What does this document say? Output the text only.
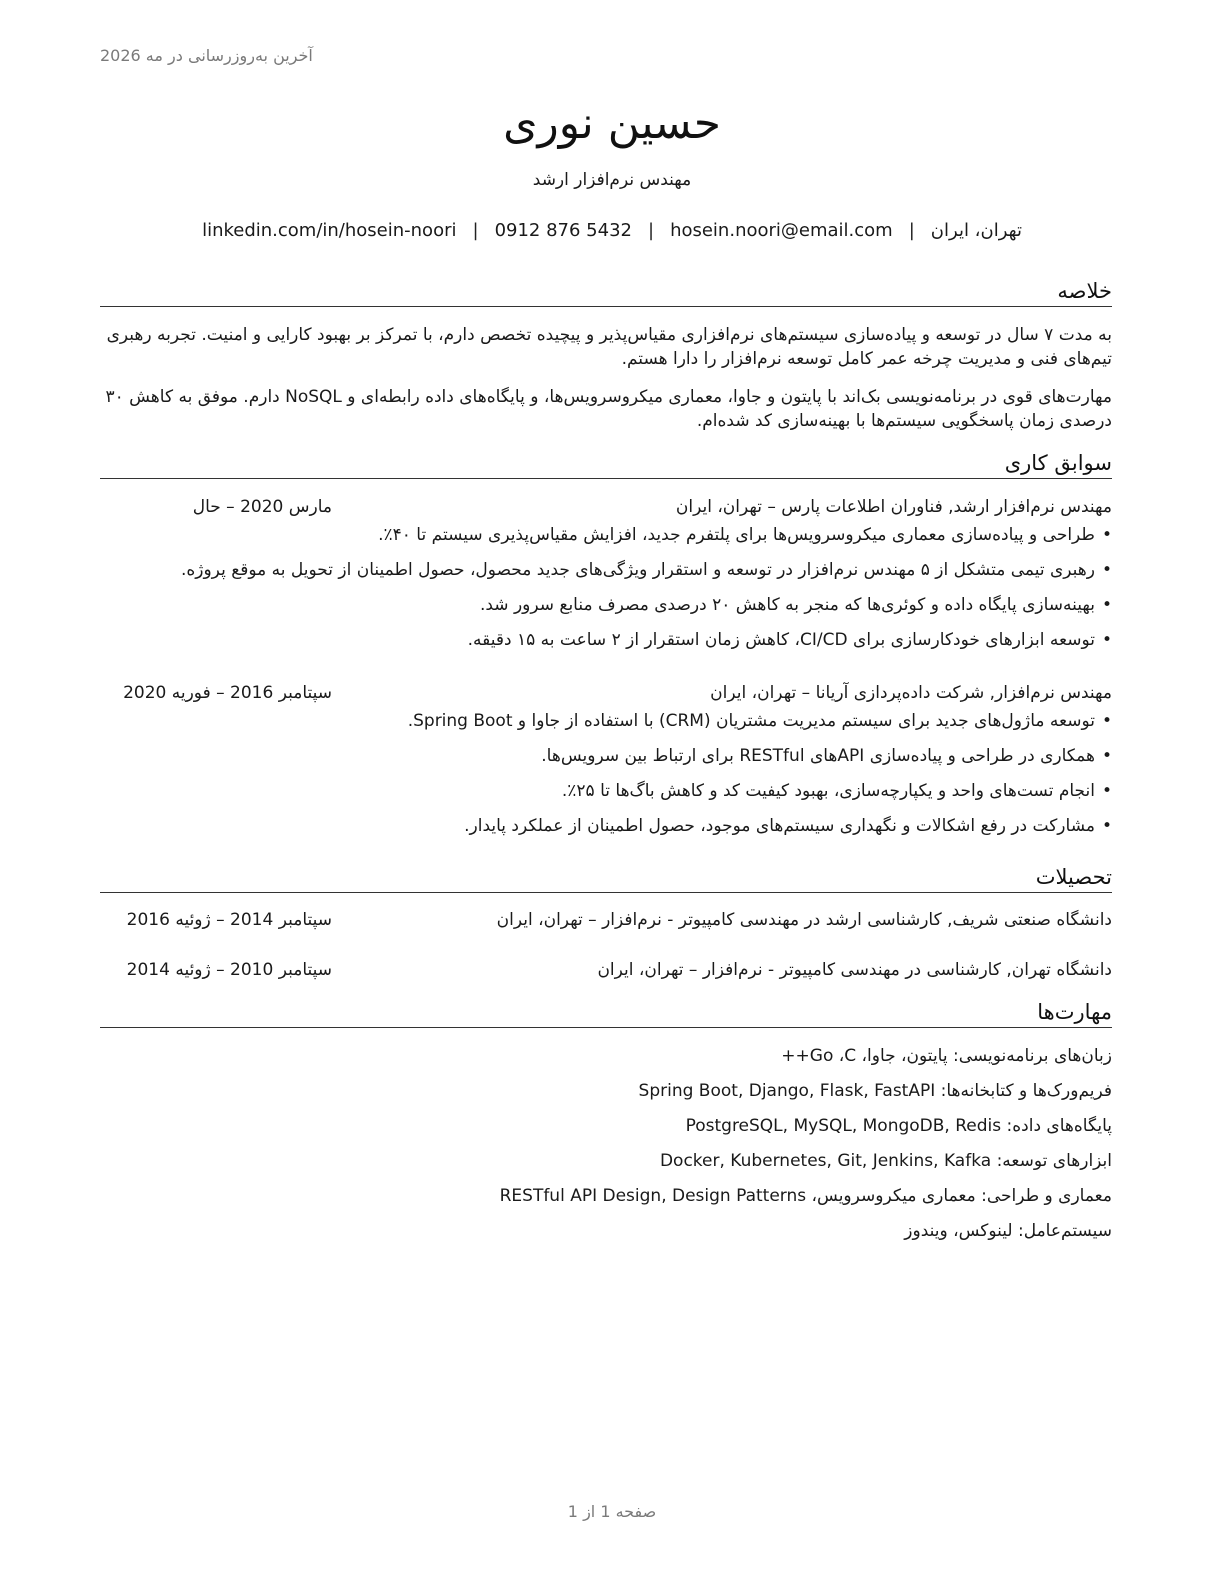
آخرین به‌روزرسانی در مه 2026
حسین نوری
مهندس نرم‌افزار ارشد
تهران، ایران
|
hosein.noori@email.com
|
0912 876 5432
|
linkedin.com/in/hosein-noori
خلاصه

به مدت ۷ سال در توسعه و پیاده‌سازی سیستم‌های نرم‌افزاری مقیاس‌پذیر و پیچیده تخصص دارم، با تمرکز بر بهبود کارایی و امنیت. تجربه رهبری تیم‌های فنی و مدیریت چرخه عمر کامل توسعه نرم‌افزار را دارا هستم.

مهارت‌های قوی در برنامه‌نویسی بک‌اند با پایتون و جاوا، معماری میکروسرویس‌ها، و پایگاه‌های داده رابطه‌ای و NoSQL دارم. موفق به کاهش ۳۰ درصدی زمان پاسخگویی سیستم‌ها با بهینه‌سازی کد شده‌ام.

سوابق کاری
مهندس نرم‌افزار ارشد, فناوران اطلاعات پارس – تهران، ایران
مارس 2020 – حال
• طراحی و پیاده‌سازی معماری میکروسرویس‌ها برای پلتفرم جدید، افزایش مقیاس‌پذیری سیستم تا ۴۰٪.
• رهبری تیمی متشکل از ۵ مهندس نرم‌افزار در توسعه و استقرار ویژگی‌های جدید محصول، حصول اطمینان از تحویل به موقع پروژه.
• بهینه‌سازی پایگاه داده و کوئری‌ها که منجر به کاهش ۲۰ درصدی مصرف منابع سرور شد.
• توسعه ابزارهای خودکارسازی برای CI/CD، کاهش زمان استقرار از ۲ ساعت به ۱۵ دقیقه.
مهندس نرم‌افزار, شرکت داده‌پردازی آریانا – تهران، ایران
سپتامبر 2016 – فوریه 2020
• توسعه ماژول‌های جدید برای سیستم مدیریت مشتریان (CRM) با استفاده از جاوا و Spring Boot.
• همکاری در طراحی و پیاده‌سازی APIهای RESTful برای ارتباط بین سرویس‌ها.
• انجام تست‌های واحد و یکپارچه‌سازی، بهبود کیفیت کد و کاهش باگ‌ها تا ۲۵٪.
• مشارکت در رفع اشکالات و نگهداری سیستم‌های موجود، حصول اطمینان از عملکرد پایدار.
تحصیلات
دانشگاه صنعتی شریف, کارشناسی ارشد در مهندسی کامپیوتر - نرم‌افزار – تهران، ایران
سپتامبر 2014 – ژوئیه 2016
دانشگاه تهران, کارشناسی در مهندسی کامپیوتر - نرم‌افزار – تهران، ایران
سپتامبر 2010 – ژوئیه 2014
مهارت‌ها
زبان‌های برنامه‌نویسی: پایتون، جاوا، Go ،C++
فریم‌ورک‌ها و کتابخانه‌ها: Spring Boot, Django, Flask, FastAPI
پایگاه‌های داده: PostgreSQL, MySQL, MongoDB, Redis
ابزارهای توسعه: Docker, Kubernetes, Git, Jenkins, Kafka
معماری و طراحی: معماری میکروسرویس، RESTful API Design, Design Patterns
سیستم‌عامل: لینوکس، ویندوز
صفحه 1 از 1
